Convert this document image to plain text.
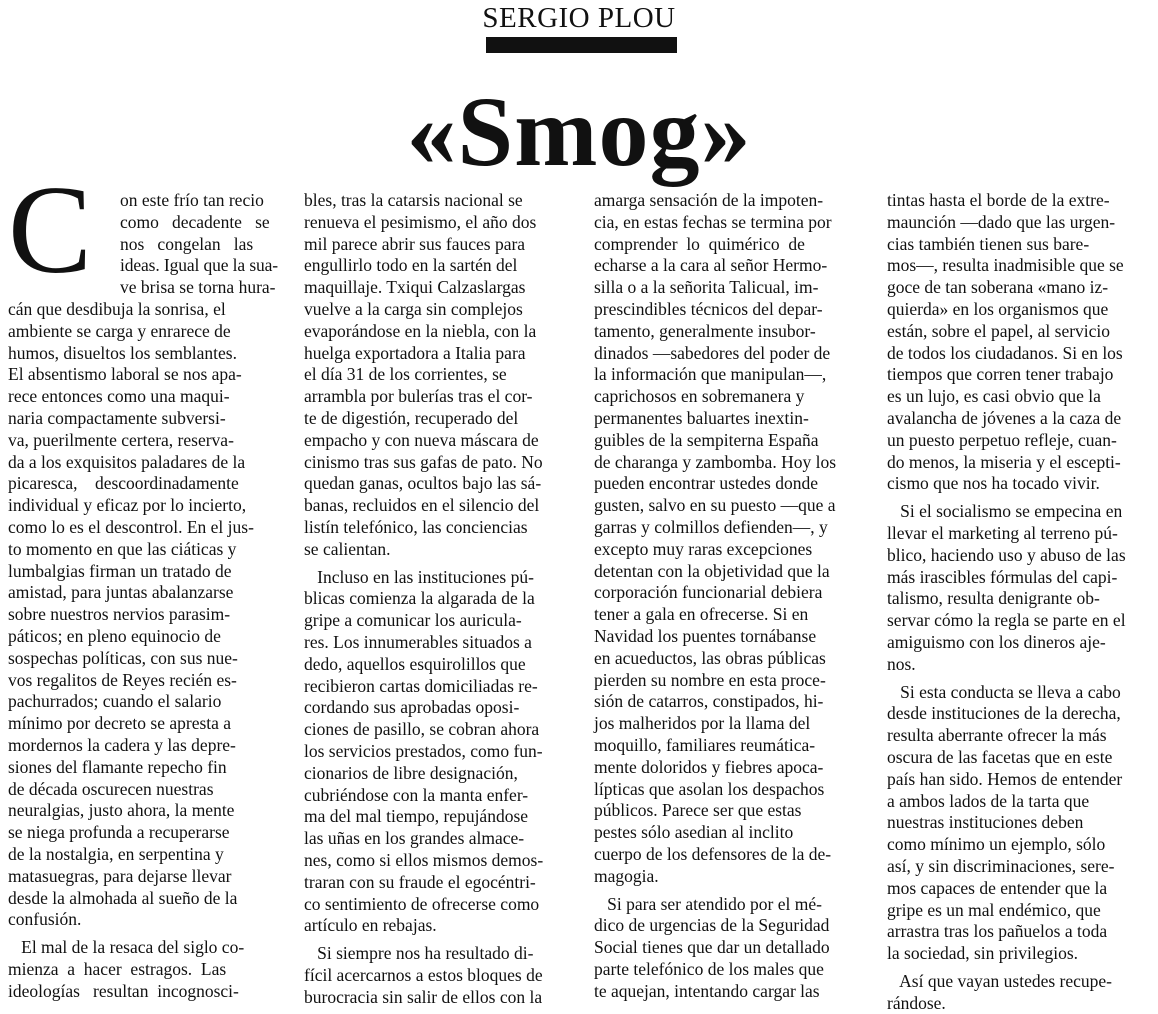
SERGIO PLOU
«Smog»
C	on este frío tan recio
como   decadente   se
nos   congelan   las
ideas. Igual que la sua-
ve brisa se torna hura-
cán que desdibuja la sonrisa, el
ambiente se carga y enrarece de
humos, disueltos los semblantes.
El absentismo laboral se nos apa-
rece entonces como una maqui-
naria compactamente subversi-
va, puerilmente certera, reserva-
da a los exquisitos paladares de la
picaresca,    descoordinadamente
individual y eficaz por lo incierto,
como lo es el descontrol. En el jus-
to momento en que las ciáticas y
lumbalgias firman un tratado de
amistad, para juntas abalanzarse
sobre nuestros nervios parasim-
páticos; en pleno equinocio de
sospechas políticas, con sus nue-
vos regalitos de Reyes recién es-
pachurrados; cuando el salario
mínimo por decreto se apresta a
mordernos la cadera y las depre-
siones del flamante repecho fin
de década oscurecen nuestras
neuralgias, justo ahora, la mente
se niega profunda a recuperarse
de la nostalgia, en serpentina y
matasuegras, para dejarse llevar
desde la almohada al sueño de la
confusión.
El mal de la resaca del siglo co-
mienza  a  hacer  estragos.  Las
ideologías   resultan  incognosci-
bles, tras la catarsis nacional se
renueva el pesimismo, el año dos
mil parece abrir sus fauces para
engullirlo todo en la sartén del
maquillaje. Txiqui Calzaslargas
vuelve a la carga sin complejos
evaporándose en la niebla, con la
huelga exportadora a Italia para
el día 31 de los corrientes, se
arrambla por bulerías tras el cor-
te de digestión, recuperado del
empacho y con nueva máscara de
cinismo tras sus gafas de pato. No
quedan ganas, ocultos bajo las sá-
banas, recluidos en el silencio del
listín telefónico, las conciencias
se calientan.
Incluso en las instituciones pú-
blicas comienza la algarada de la
gripe a comunicar los auricula-
res. Los innumerables situados a
dedo, aquellos esquirolillos que
recibieron cartas domiciliadas re-
cordando sus aprobadas oposi-
ciones de pasillo, se cobran ahora
los servicios prestados, como fun-
cionarios de libre designación,
cubriéndose con la manta enfer-
ma del mal tiempo, repujándose
las uñas en los grandes almace-
nes, como si ellos mismos demos-
traran con su fraude el egocéntri-
co sentimiento de ofrecerse como
artículo en rebajas.
Si siempre nos ha resultado di-
fícil acercarnos a estos bloques de
burocracia sin salir de ellos con la
amarga sensación de la impoten-
cia, en estas fechas se termina por
comprender  lo  quimérico  de
echarse a la cara al señor Hermo-
silla o a la señorita Talicual, im-
prescindibles técnicos del depar-
tamento, generalmente insubor-
dinados —sabedores del poder de
la información que manipulan—,
caprichosos en sobremanera y
permanentes baluartes inextin-
guibles de la sempiterna España
de charanga y zambomba. Hoy los
pueden encontrar ustedes donde
gusten, salvo en su puesto —que a
garras y colmillos defienden—, y
excepto muy raras excepciones
detentan con la objetividad que la
corporación funcionarial debiera
tener a gala en ofrecerse. Si en
Navidad los puentes tornábanse
en acueductos, las obras públicas
pierden su nombre en esta proce-
sión de catarros, constipados, hi-
jos malheridos por la llama del
moquillo, familiares reumática-
mente doloridos y fiebres apoca-
lípticas que asolan los despachos
públicos. Parece ser que estas
pestes sólo asedian al inclito
cuerpo de los defensores de la de-
magogia.
Si para ser atendido por el mé-
dico de urgencias de la Seguridad
Social tienes que dar un detallado
parte telefónico de los males que
te aquejan, intentando cargar las
tintas hasta el borde de la extre-
maunción —dado que las urgen-
cias también tienen sus bare-
mos—, resulta inadmisible que se
goce de tan soberana «mano iz-
quierda» en los organismos que
están, sobre el papel, al servicio
de todos los ciudadanos. Si en los
tiempos que corren tener trabajo
es un lujo, es casi obvio que la
avalancha de jóvenes a la caza de
un puesto perpetuo refleje, cuan-
do menos, la miseria y el escepti-
cismo que nos ha tocado vivir.
Si el socialismo se empecina en
llevar el marketing al terreno pú-
blico, haciendo uso y abuso de las
más irascibles fórmulas del capi-
talismo, resulta denigrante ob-
servar cómo la regla se parte en el
amiguismo con los dineros aje-
nos.
Si esta conducta se lleva a cabo
desde instituciones de la derecha,
resulta aberrante ofrecer la más
oscura de las facetas que en este
país han sido. Hemos de entender
a ambos lados de la tarta que
nuestras instituciones deben
como mínimo un ejemplo, sólo
así, y sin discriminaciones, sere-
mos capaces de entender que la
gripe es un mal endémico, que
arrastra tras los pañuelos a toda
la sociedad, sin privilegios.
Así que vayan ustedes recupe-
rándose.
